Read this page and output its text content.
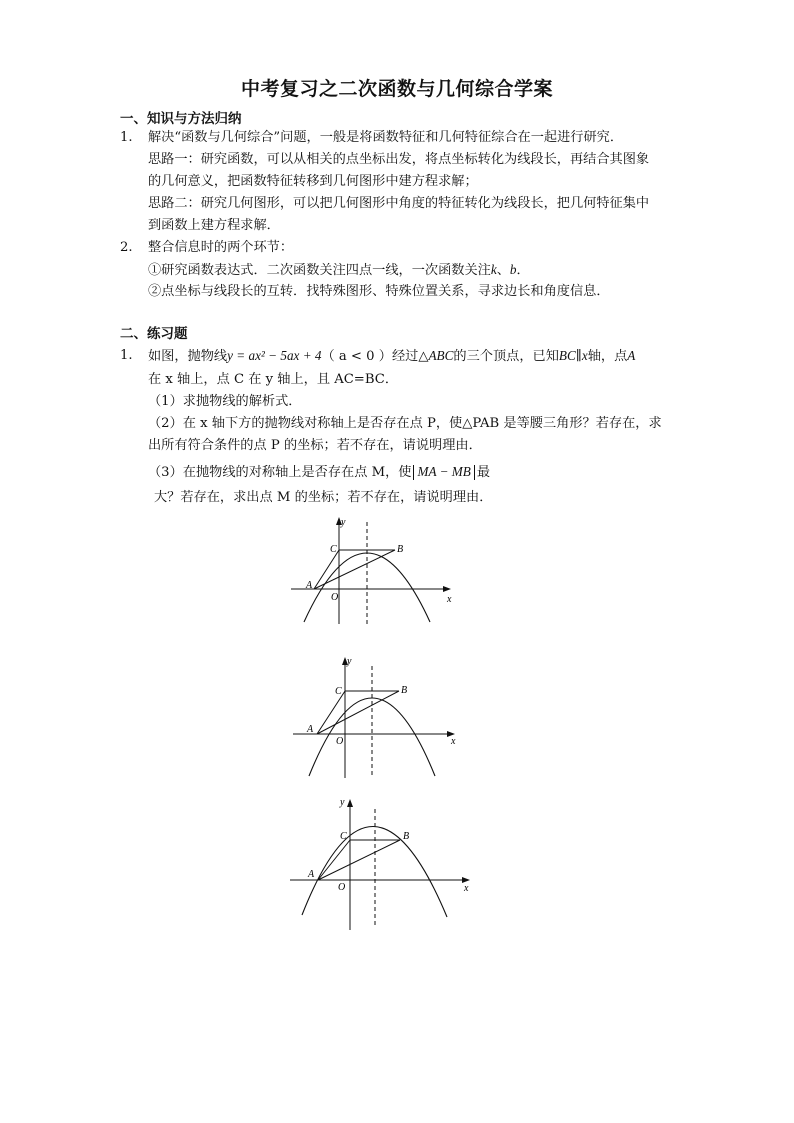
中考复习之二次函数与几何综合学案
一、知识与方法归纳
1. 解决“函数与几何综合”问题，一般是将函数特征和几何特征综合在一起进行研究．
思路一：研究函数，可以从相关的点坐标出发，将点坐标转化为线段长，再结合其图象
的几何意义，把函数特征转移到几何图形中建方程求解；
思路二：研究几何图形，可以把几何图形中角度的特征转化为线段长，把几何特征集中
到函数上建方程求解．
2. 整合信息时的两个环节：
①研究函数表达式．二次函数关注四点一线，一次函数关注k、b．
②点坐标与线段长的互转．找特殊图形、特殊位置关系，寻求边长和角度信息．
二、练习题
1. 如图，抛物线y = ax² − 5ax + 4（ a < 0 ）经过△ABC的三个顶点，已知BC∥x轴，点A
在 x 轴上，点 C 在 y 轴上，且 AC=BC．
（1）求抛物线的解析式．
（2）在 x 轴下方的抛物线对称轴上是否存在点 P，使△PAB 是等腰三角形？若存在，求
出所有符合条件的点 P 的坐标；若不存在，请说明理由．
（3）在抛物线的对称轴上是否存在点 M，使 MA − MB 最
大？若存在，求出点 M 的坐标；若不存在，请说明理由．
y
x
O
A
B
C
y
x
O
A
B
C
y
x
O
A
B
C
